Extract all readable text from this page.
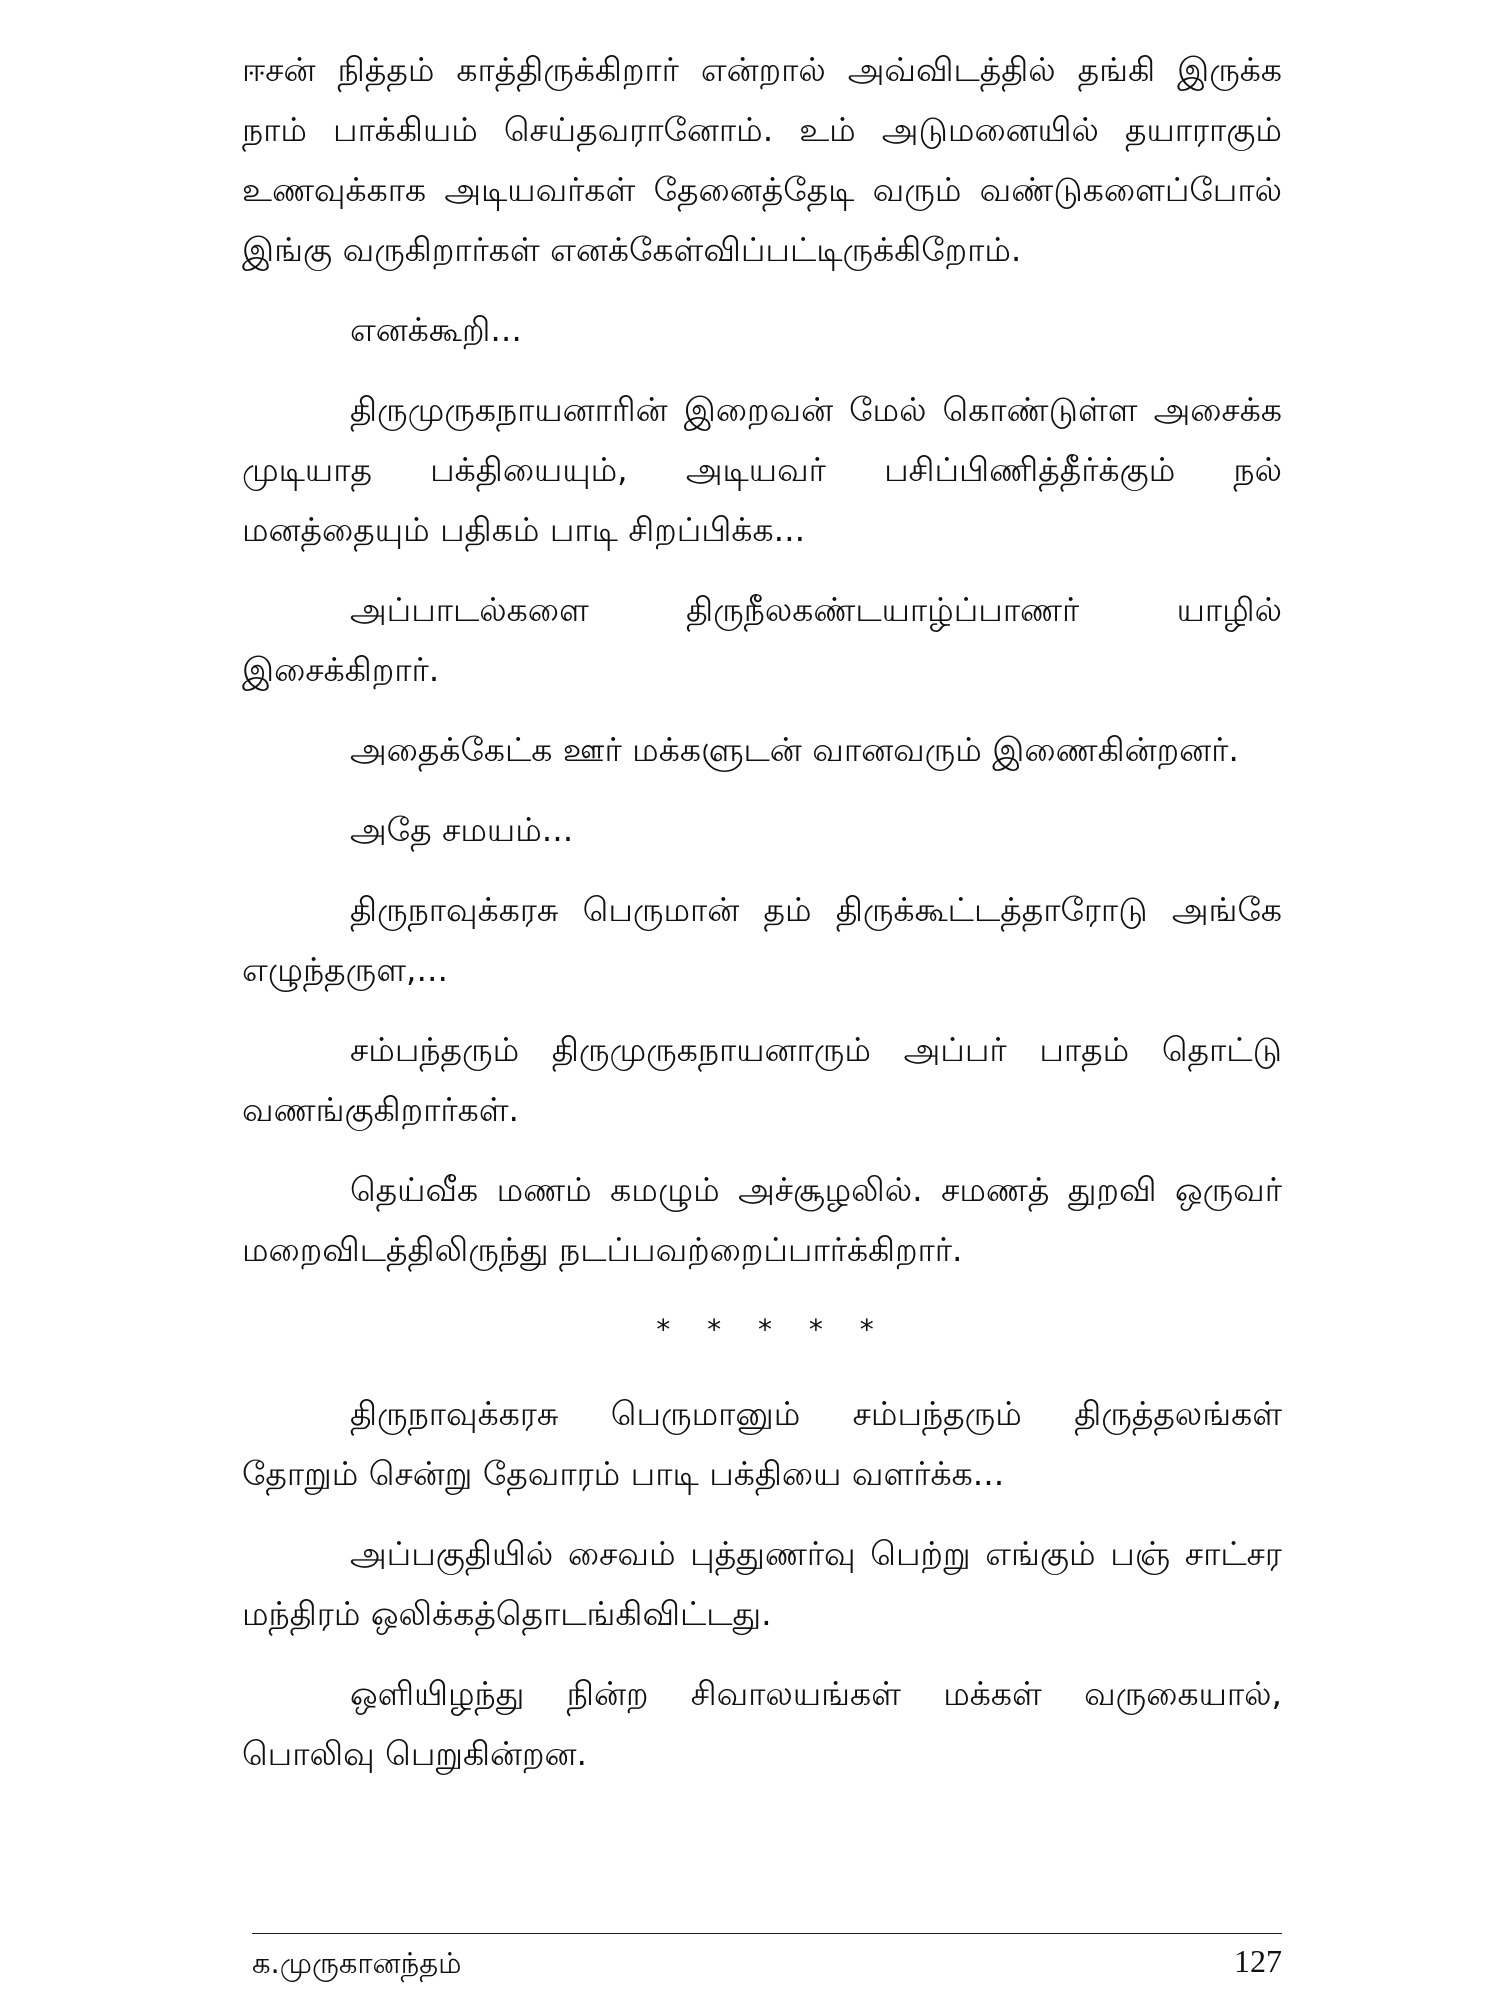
ஈசன் நித்தம் காத்திருக்கிறார் என்றால் அவ்விடத்தில் தங்கி இருக்க நாம் பாக்கியம் செய்தவரானோம். உம் அடுமனையில் தயாராகும் உணவுக்காக அடியவர்கள் தேனைத்தேடி வரும் வண்டுகளைப்போல் இங்கு வருகிறார்கள் எனக்கேள்விப்பட்டிருக்கிறோம்.

எனக்கூறி...

திருமுருகநாயனாரின் இறைவன் மேல் கொண்டுள்ள அசைக்க முடியாத பக்தியையும், அடியவர் பசிப்பிணித்தீர்க்கும் நல் மனத்தையும் பதிகம் பாடி சிறப்பிக்க...

அப்பாடல்களை திருநீலகண்டயாழ்ப்பாணர் யாழில் இசைக்கிறார்.

அதைக்கேட்க ஊர் மக்களுடன் வானவரும் இணைகின்றனர்.

அதே சமயம்...

திருநாவுக்கரசு பெருமான் தம் திருக்கூட்டத்தாரோடு அங்கே எழுந்தருள,...

சம்பந்தரும் திருமுருகநாயனாரும் அப்பர் பாதம் தொட்டு வணங்குகிறார்கள்.

தெய்வீக மணம் கமழும் அச்சூழலில். சமணத் துறவி ஒருவர் மறைவிடத்திலிருந்து நடப்பவற்றைப்பார்க்கிறார்.

* * * * *

திருநாவுக்கரசு பெருமானும் சம்பந்தரும் திருத்தலங்கள் தோறும் சென்று தேவாரம் பாடி பக்தியை வளர்க்க...

அப்பகுதியில் சைவம் புத்துணர்வு பெற்று எங்கும் பஞ் சாட்சர மந்திரம் ஒலிக்கத்தொடங்கிவிட்டது.

ஒளியிழந்து நின்ற சிவாலயங்கள் மக்கள் வருகையால், பொலிவு பெறுகின்றன.

க.முருகானந்தம்	127
